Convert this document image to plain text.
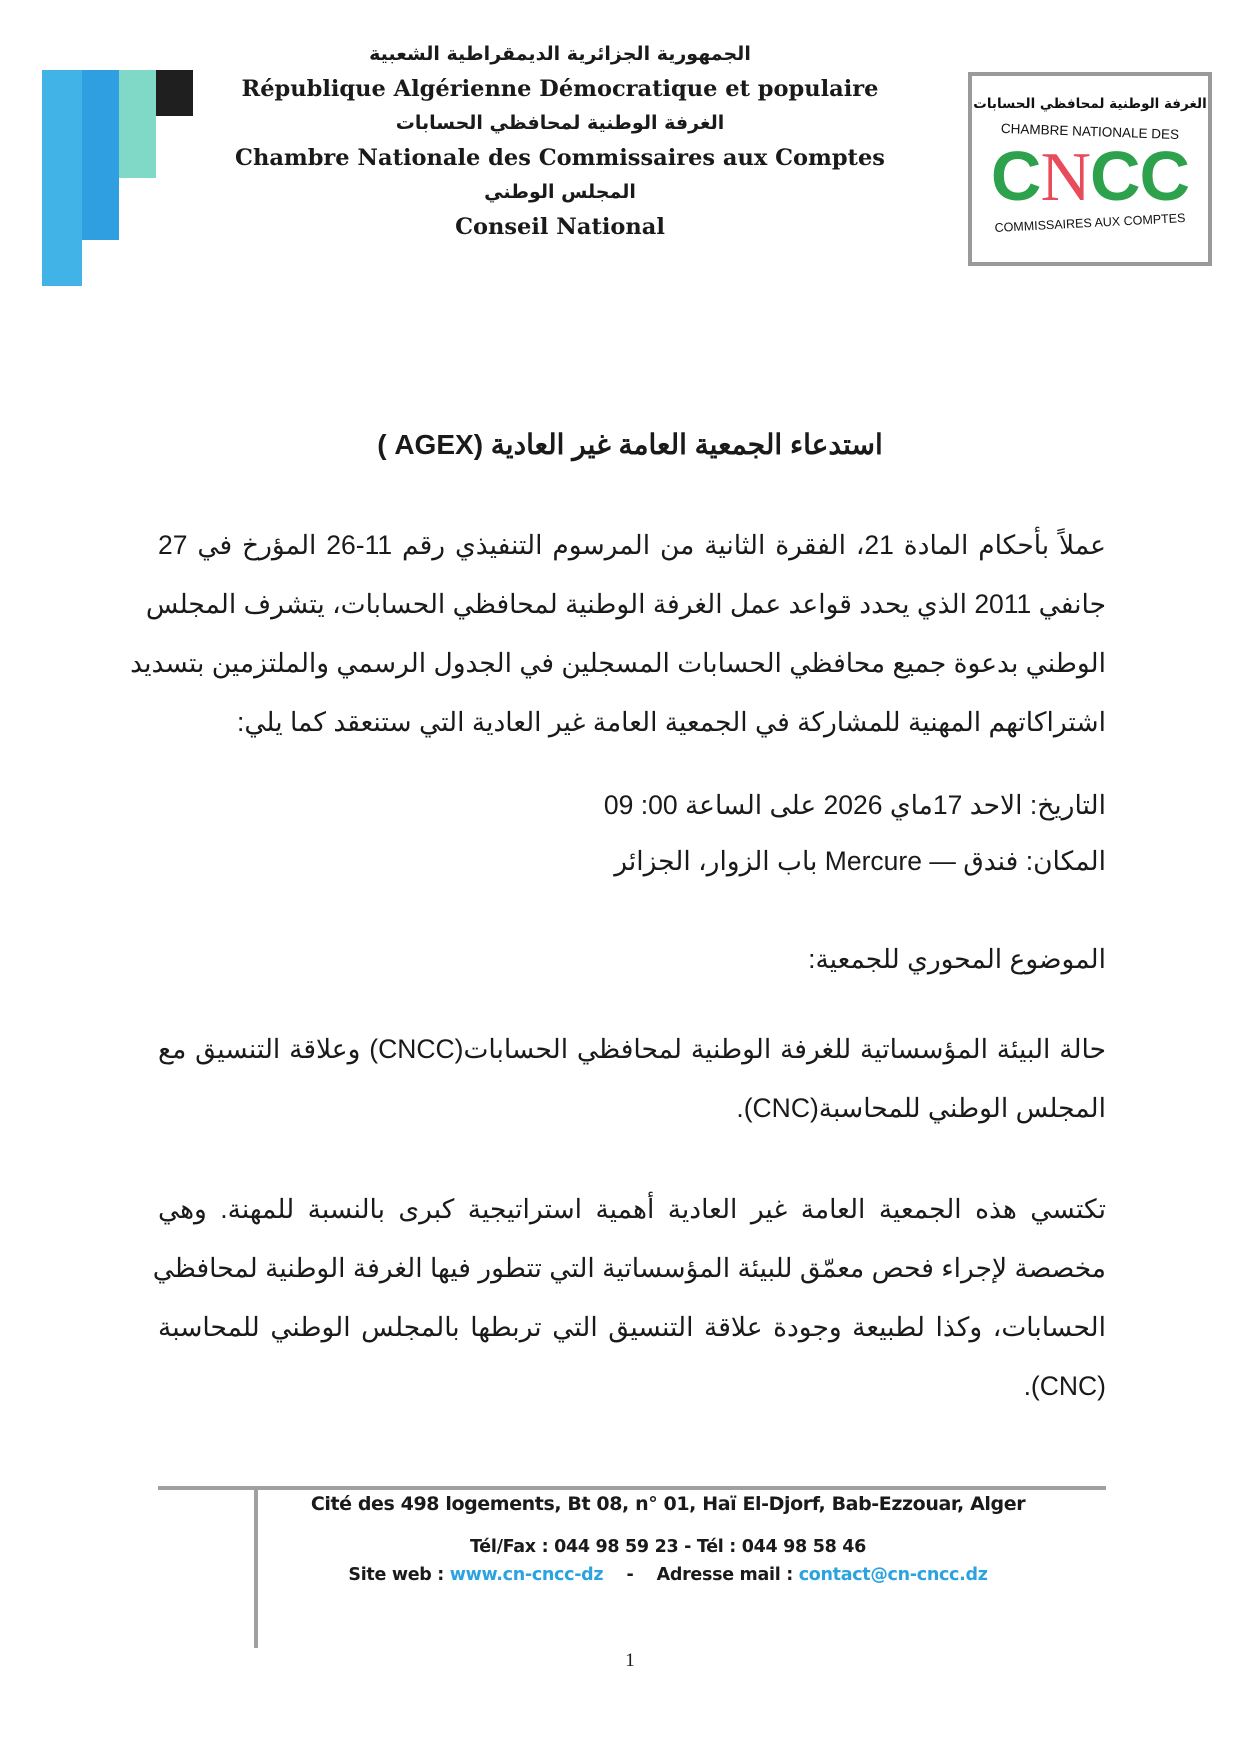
الجمهورية الجزائرية الديمقراطية الشعبية
République Algérienne Démocratique et populaire
الغرفة الوطنية لمحافظي الحسابات
Chambre Nationale des Commissaires aux Comptes
المجلس الوطني
Conseil National
الغرفة الوطنية لمحافظي الحسابات
CHAMBRE NATIONALE DES
CNCC
COMMISSAIRES AUX COMPTES
استدعاء الجمعية العامة غير العادية (AGEX )
عملاً بأحكام المادة 21، الفقرة الثانية من المرسوم التنفيذي رقم 11-26 المؤرخ في 27
جانفي 2011 الذي يحدد قواعد عمل الغرفة الوطنية لمحافظي الحسابات، يتشرف المجلس
الوطني بدعوة جميع محافظي الحسابات المسجلين في الجدول الرسمي والملتزمين بتسديد
اشتراكاتهم المهنية للمشاركة في الجمعية العامة غير العادية التي ستنعقد كما يلي:
التاريخ: الاحد 17ماي 2026 على الساعة 00: 09
المكان: فندق — Mercure باب الزوار، الجزائر
الموضوع المحوري للجمعية:
حالة البيئة المؤسساتية للغرفة الوطنية لمحافظي الحسابات(CNCC) وعلاقة التنسيق مع
المجلس الوطني للمحاسبة(CNC).
تكتسي هذه الجمعية العامة غير العادية أهمية استراتيجية كبرى بالنسبة للمهنة. وهي
مخصصة لإجراء فحص معمّق للبيئة المؤسساتية التي تتطور فيها الغرفة الوطنية لمحافظي
الحسابات، وكذا لطبيعة وجودة علاقة التنسيق التي تربطها بالمجلس الوطني للمحاسبة
(CNC).
Cité des 498 logements, Bt 08, n° 01, Haï El-Djorf, Bab-Ezzouar, Alger
Tél/Fax : 044 98 59 23 - Tél : 044 98 58 46
Site web : www.cn-cncc-dz - Adresse mail : contact@cn-cncc.dz
1
